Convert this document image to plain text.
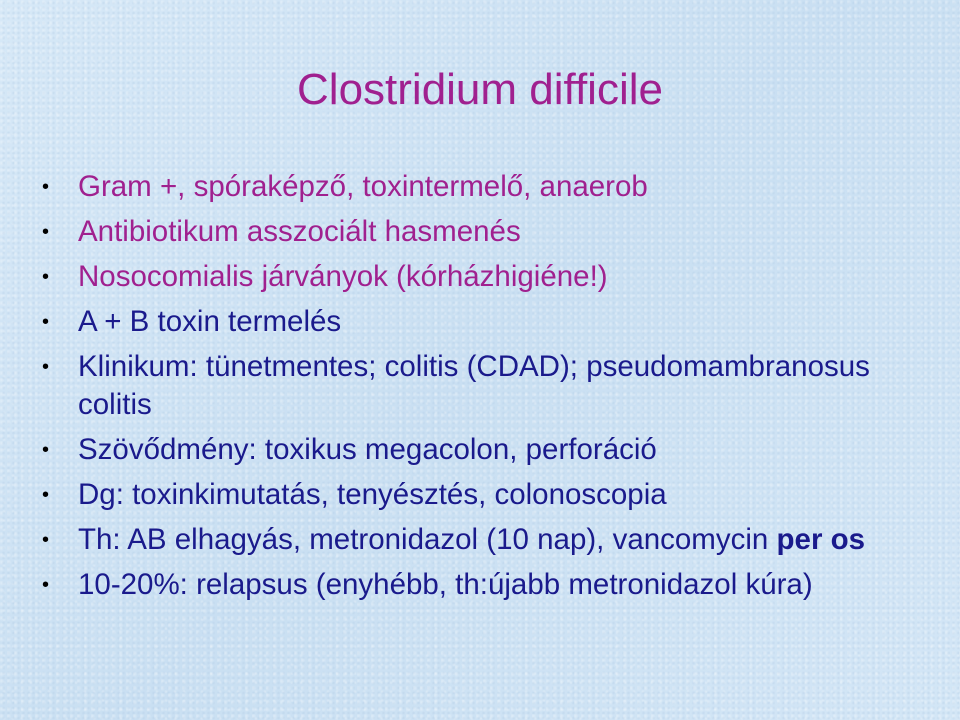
Clostridium difficile
• Gram +, spóraképző, toxintermelő, anaerob
• Antibiotikum asszociált hasmenés
• Nosocomialis járványok (kórházhigiéne!)
• A + B toxin termelés
• Klinikum: tünetmentes; colitis (CDAD); pseudomambranosus colitis
• Szövődmény: toxikus megacolon, perforáció
• Dg: toxinkimutatás, tenyésztés, colonoscopia
• Th: AB elhagyás, metronidazol (10 nap), vancomycin per os
• 10-20%: relapsus (enyhébb, th:újabb metronidazol kúra)
